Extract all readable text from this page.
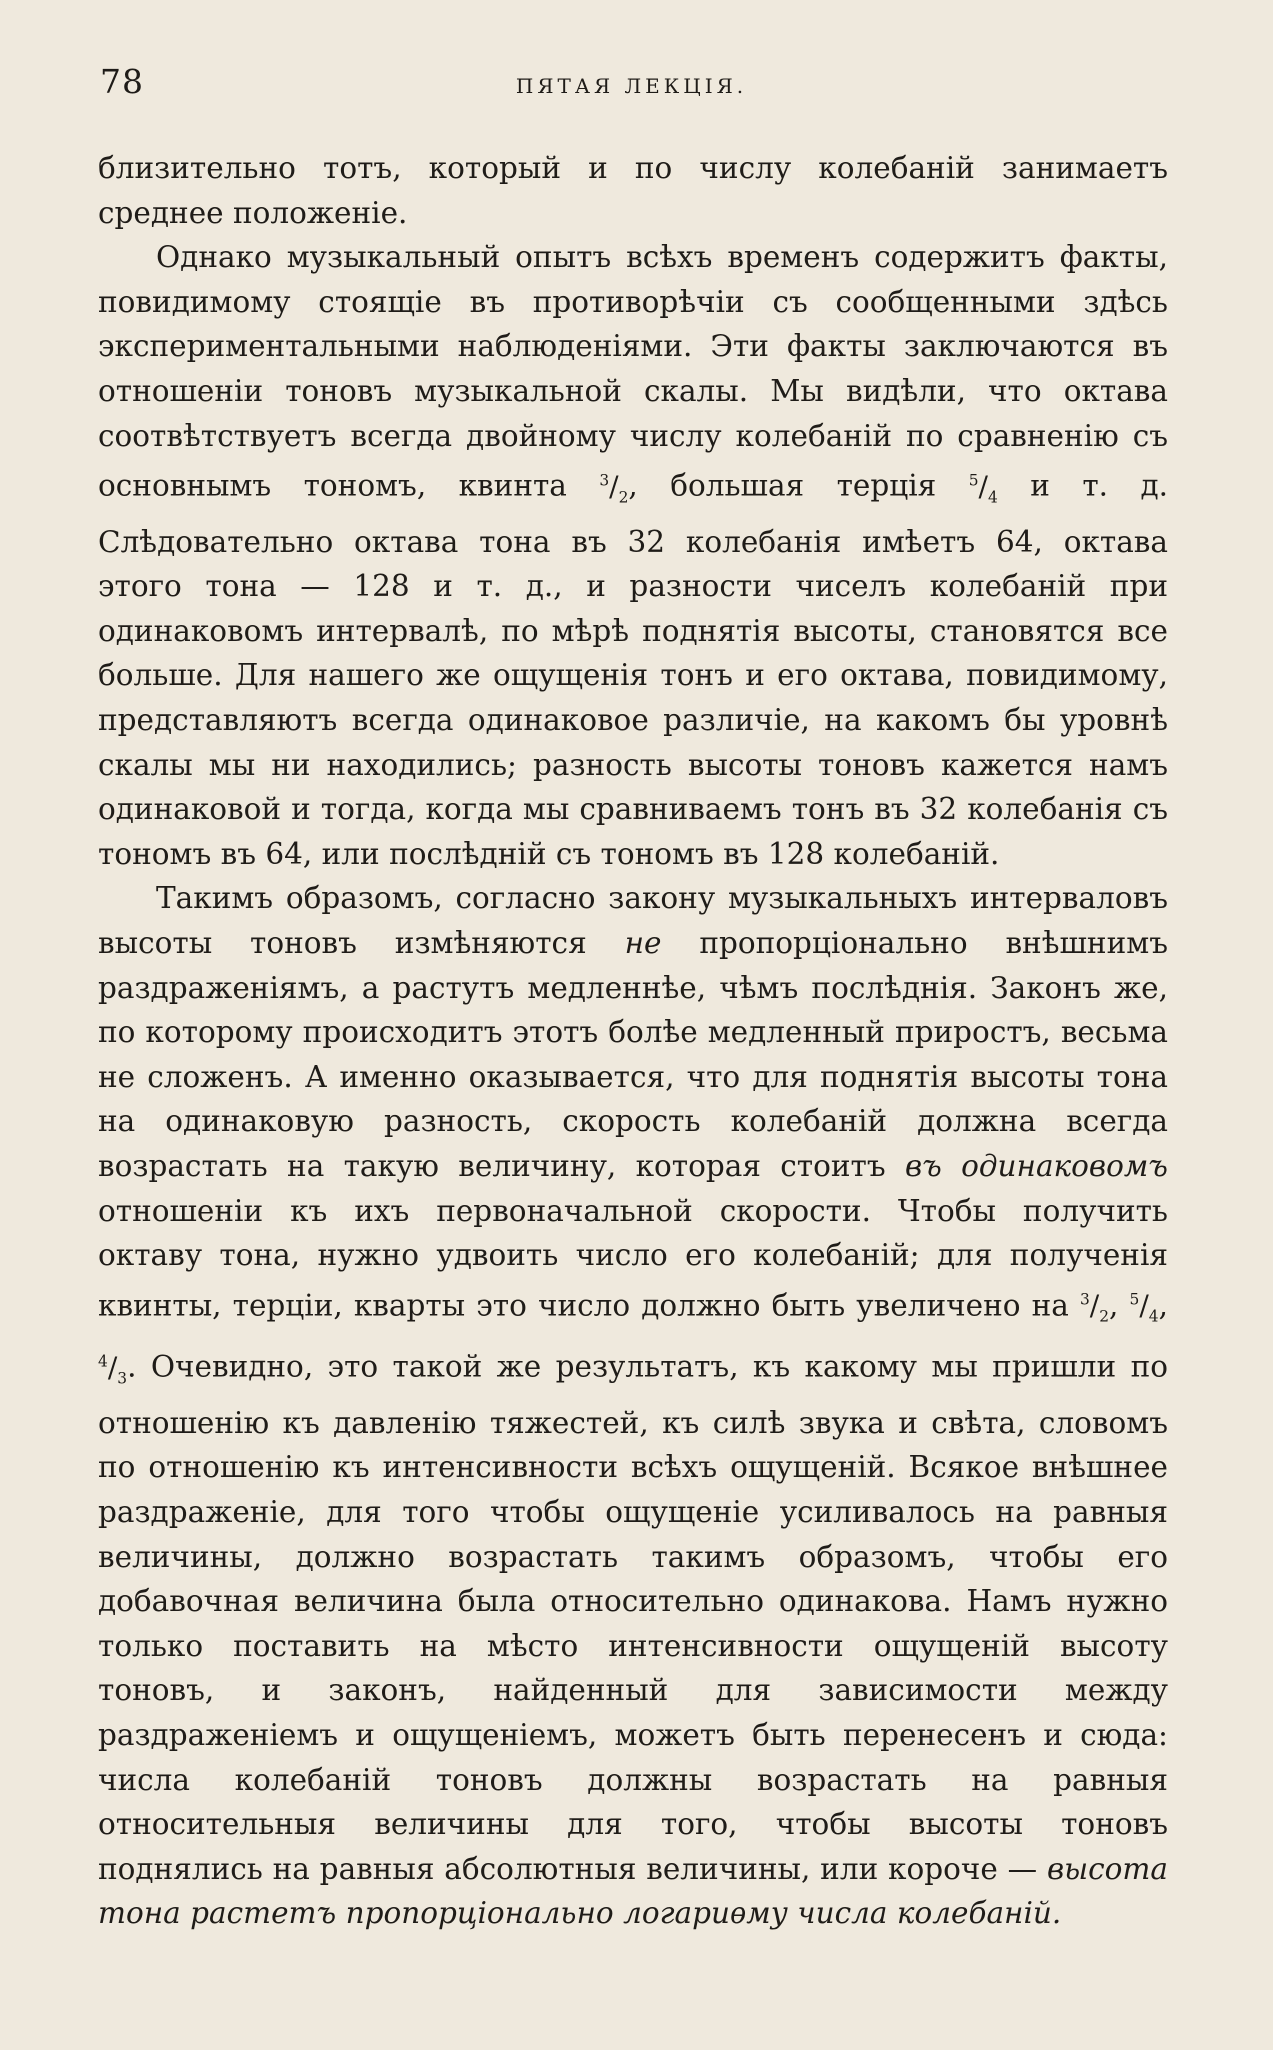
78	ПЯТАЯ ЛЕКЦІЯ.

близительно тотъ, который и по числу колебаній занимаетъ среднее положеніе.

Однако музыкальный опытъ всѣхъ временъ содержитъ факты, повидимому стоящіе въ противорѣчіи съ сообщенными здѣсь экспериментальными наблюденіями. Эти факты заключаются въ отношеніи тоновъ музыкальной скалы. Мы видѣли, что октава соотвѣтствуетъ всегда двойному числу колебаній по сравненію съ основнымъ тономъ, квинта $^3/_2$, большая терція $^5/_4$ и т. д. Слѣдовательно октава тона въ 32 колебанія имѣетъ 64, октава этого тона — 128 и т. д., и разности чиселъ колебаній при одинаковомъ интервалѣ, по мѣрѣ поднятія высоты, становятся все больше. Для нашего же ощущенія тонъ и его октава, повидимому, представляютъ всегда одинаковое различіе, на какомъ бы уровнѣ скалы мы ни находились; разность высоты тоновъ кажется намъ одинаковой и тогда, когда мы сравниваемъ тонъ въ 32 колебанія съ тономъ въ 64, или послѣдній съ тономъ въ 128 колебаній.

Такимъ образомъ, согласно закону музыкальныхъ интерваловъ высоты тоновъ измѣняются не пропорціонально внѣшнимъ раздраженіямъ, а растутъ медленнѣе, чѣмъ послѣднія. Законъ же, по которому происходитъ этотъ болѣе медленный приростъ, весьма не сложенъ. А именно оказывается, что для поднятія высоты тона на одинаковую разность, скорость колебаній должна всегда возрастать на такую величину, которая стоитъ въ одинаковомъ отношеніи къ ихъ первоначальной скорости. Чтобы получить октаву тона, нужно удвоить число его колебаній; для полученія квинты, терціи, кварты это число должно быть увеличено на $^3/_2$, $^5/_4$, $^4/_3$. Очевидно, это такой же результатъ, къ какому мы пришли по отношенію къ давленію тяжестей, къ силѣ звука и свѣта, словомъ по отношенію къ интенсивности всѣхъ ощущеній. Всякое внѣшнее раздраженіе, для того чтобы ощущеніе усиливалось на равныя величины, должно возрастать такимъ образомъ, чтобы его добавочная величина была относительно одинакова. Намъ нужно только поставить на мѣсто интенсивности ощущеній высоту тоновъ, и законъ, найденный для зависимости между раздраженіемъ и ощущеніемъ, можетъ быть перенесенъ и сюда: числа колебаній тоновъ должны возрастать на равныя относительныя величины для того, чтобы высоты тоновъ поднялись на равныя абсолютныя величины, или короче — высота тона растетъ пропорціонально логариѳму числа колебаній.
